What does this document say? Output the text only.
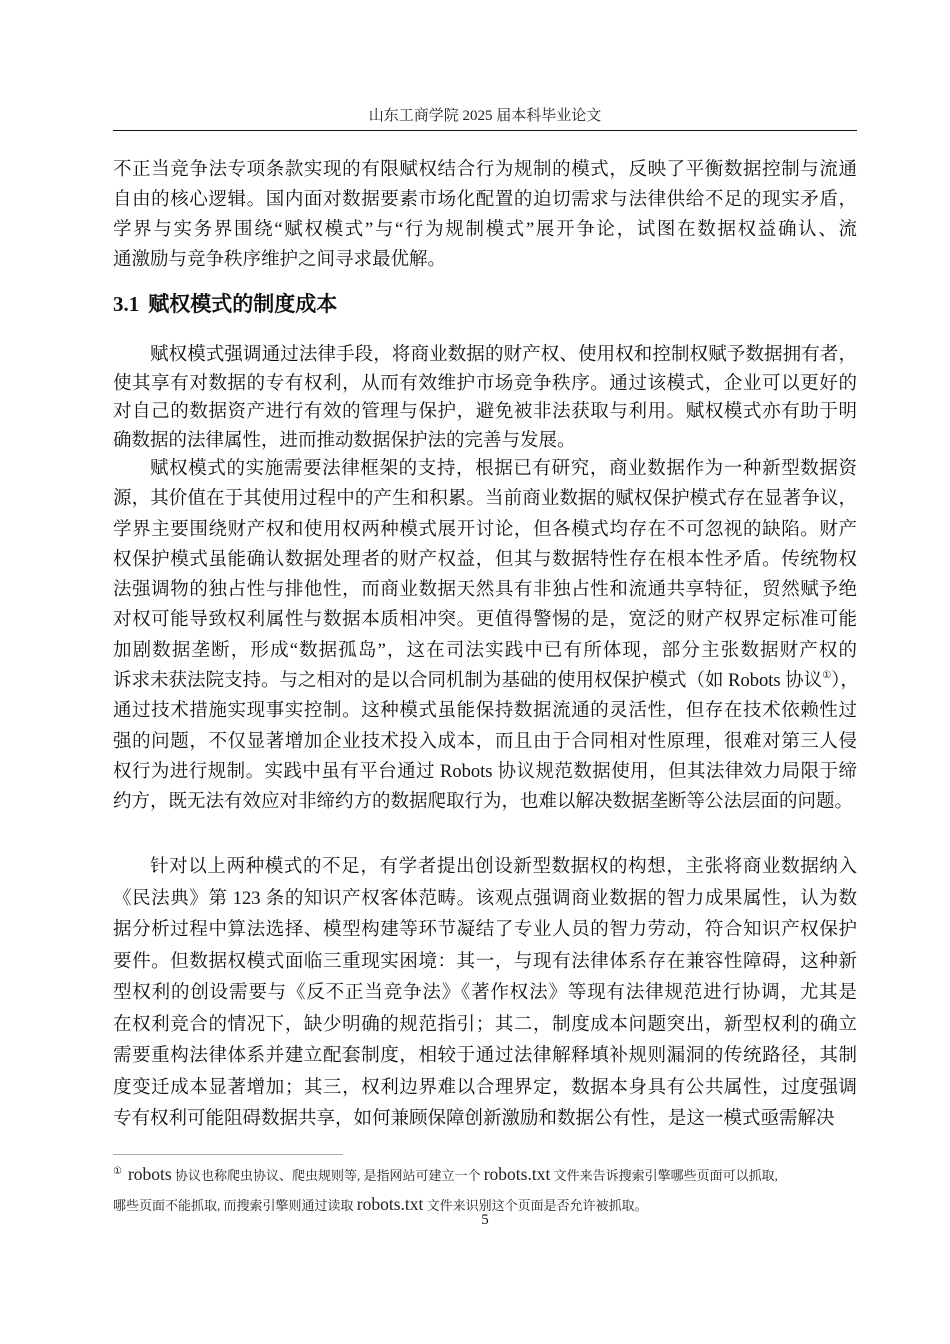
山东工商学院 2025 届本科毕业论文
不正当竞争法专项条款实现的有限赋权结合行为规制的模式，反映了平衡数据控制与流通
自由的核心逻辑。国内面对数据要素市场化配置的迫切需求与法律供给不足的现实矛盾，
学界与实务界围绕“赋权模式”与“行为规制模式”展开争论，试图在数据权益确认、流
通激励与竞争秩序维护之间寻求最优解。
3.1 赋权模式的制度成本
赋权模式强调通过法律手段，将商业数据的财产权、使用权和控制权赋予数据拥有者，
使其享有对数据的专有权利，从而有效维护市场竞争秩序。通过该模式，企业可以更好的
对自己的数据资产进行有效的管理与保护，避免被非法获取与利用。赋权模式亦有助于明
确数据的法律属性，进而推动数据保护法的完善与发展。
赋权模式的实施需要法律框架的支持，根据已有研究，商业数据作为一种新型数据资
源，其价值在于其使用过程中的产生和积累。当前商业数据的赋权保护模式存在显著争议，
学界主要围绕财产权和使用权两种模式展开讨论，但各模式均存在不可忽视的缺陷。财产
权保护模式虽能确认数据处理者的财产权益，但其与数据特性存在根本性矛盾。传统物权
法强调物的独占性与排他性，而商业数据天然具有非独占性和流通共享特征，贸然赋予绝
对权可能导致权利属性与数据本质相冲突。更值得警惕的是，宽泛的财产权界定标准可能
加剧数据垄断，形成“数据孤岛”，这在司法实践中已有所体现，部分主张数据财产权的
诉求未获法院支持。与之相对的是以合同机制为基础的使用权保护模式（如 Robots 协议①），
通过技术措施实现事实控制。这种模式虽能保持数据流通的灵活性，但存在技术依赖性过
强的问题，不仅显著增加企业技术投入成本，而且由于合同相对性原理，很难对第三人侵
权行为进行规制。实践中虽有平台通过 Robots 协议规范数据使用，但其法律效力局限于缔
约方，既无法有效应对非缔约方的数据爬取行为，也难以解决数据垄断等公法层面的问题。
针对以上两种模式的不足，有学者提出创设新型数据权的构想，主张将商业数据纳入
《民法典》第 123 条的知识产权客体范畴。该观点强调商业数据的智力成果属性，认为数
据分析过程中算法选择、模型构建等环节凝结了专业人员的智力劳动，符合知识产权保护
要件。但数据权模式面临三重现实困境：其一，与现有法律体系存在兼容性障碍，这种新
型权利的创设需要与《反不正当竞争法》《著作权法》等现有法律规范进行协调，尤其是
在权利竞合的情况下，缺少明确的规范指引；其二，制度成本问题突出，新型权利的确立
需要重构法律体系并建立配套制度，相较于通过法律解释填补规则漏洞的传统路径，其制
度变迁成本显著增加；其三，权利边界难以合理界定，数据本身具有公共属性，过度强调
专有权利可能阻碍数据共享，如何兼顾保障创新激励和数据公有性，是这一模式亟需解决
① robots 协议也称爬虫协议、爬虫规则等, 是指网站可建立一个 robots.txt 文件来告诉搜索引擎哪些页面可以抓取,
哪些页面不能抓取, 而搜索引擎则通过读取 robots.txt 文件来识别这个页面是否允许被抓取。
5
